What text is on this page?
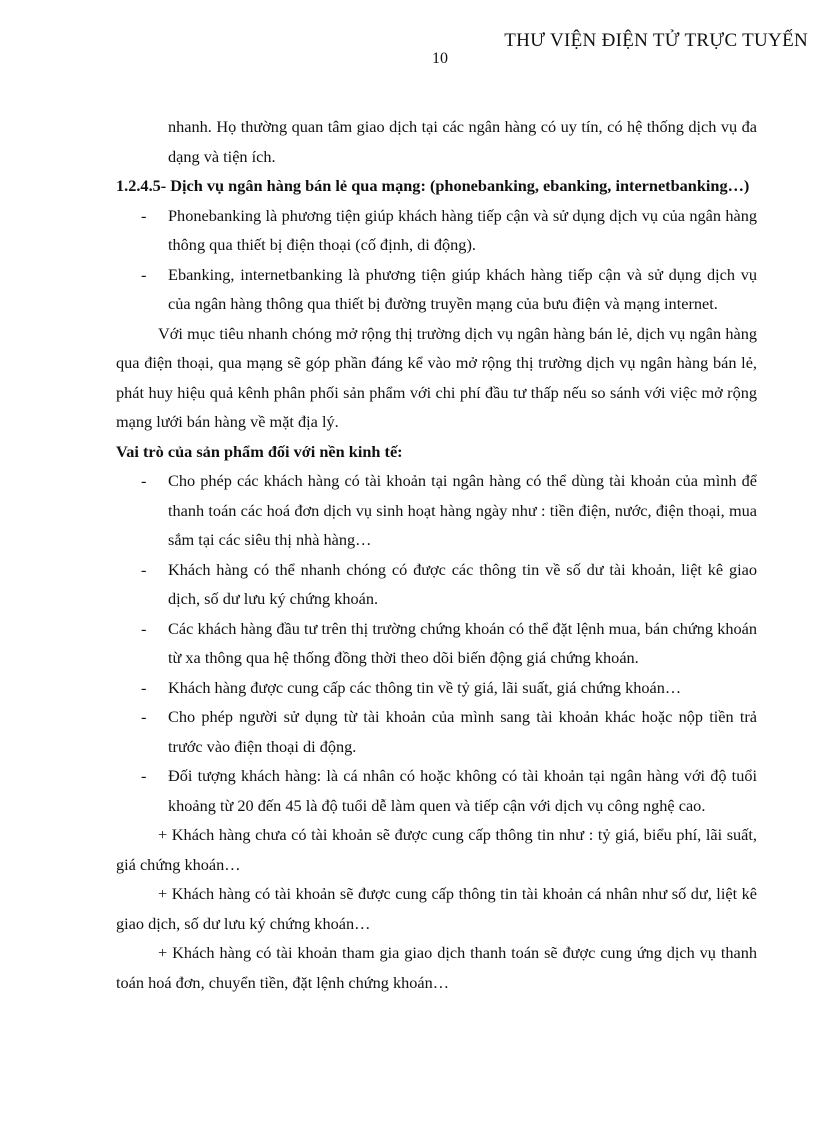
THƯ VIỆN ĐIỆN TỬ TRỰC TUYẾN
10

nhanh. Họ thường quan tâm giao dịch tại các ngân hàng có uy tín, có hệ thống dịch vụ đa dạng và tiện ích.

1.2.4.5- Dịch vụ ngân hàng bán lẻ qua mạng: (phonebanking, ebanking, internetbanking…)

- Phonebanking là phương tiện giúp khách hàng tiếp cận và sử dụng dịch vụ của ngân hàng thông qua thiết bị điện thoại (cố định, di động).
- Ebanking, internetbanking là phương tiện giúp khách hàng tiếp cận và sử dụng dịch vụ của ngân hàng thông qua thiết bị đường truyền mạng của bưu điện và mạng internet.

Với mục tiêu nhanh chóng mở rộng thị trường dịch vụ ngân hàng bán lẻ, dịch vụ ngân hàng qua điện thoại, qua mạng sẽ góp phần đáng kể vào mở rộng thị trường dịch vụ ngân hàng bán lẻ, phát huy hiệu quả kênh phân phối sản phẩm với chi phí đầu tư thấp nếu so sánh với việc mở rộng mạng lưới bán hàng về mặt địa lý.

Vai trò của sản phẩm đối với nền kinh tế:

- Cho phép các khách hàng có tài khoản tại ngân hàng có thể dùng tài khoản của mình để thanh toán các hoá đơn dịch vụ sinh hoạt hàng ngày như : tiền điện, nước, điện thoại, mua sắm tại các siêu thị nhà hàng…
- Khách hàng có thể nhanh chóng có được các thông tin về số dư tài khoản, liệt kê giao dịch, số dư lưu ký chứng khoán.
- Các khách hàng đầu tư trên thị trường chứng khoán có thể đặt lệnh mua, bán chứng khoán từ xa thông qua hệ thống đồng thời theo dõi biến động giá chứng khoán.
- Khách hàng được cung cấp các thông tin về tỷ giá, lãi suất, giá chứng khoán…
- Cho phép người sử dụng từ tài khoản của mình sang tài khoản khác hoặc nộp tiền trả trước vào điện thoại di động.
- Đối tượng khách hàng: là cá nhân có hoặc không có tài khoản tại ngân hàng với độ tuổi khoảng từ 20 đến 45 là độ tuổi dễ làm quen và tiếp cận với dịch vụ công nghệ cao.

+ Khách hàng chưa có tài khoản sẽ được cung cấp thông tin như : tỷ giá, biểu phí, lãi suất, giá chứng khoán…

+ Khách hàng có tài khoản sẽ được cung cấp thông tin tài khoản cá nhân như số dư, liệt kê giao dịch, số dư lưu ký chứng khoán…

+ Khách hàng có tài khoản tham gia giao dịch thanh toán sẽ được cung ứng dịch vụ thanh toán hoá đơn, chuyển tiền, đặt lệnh chứng khoán…
